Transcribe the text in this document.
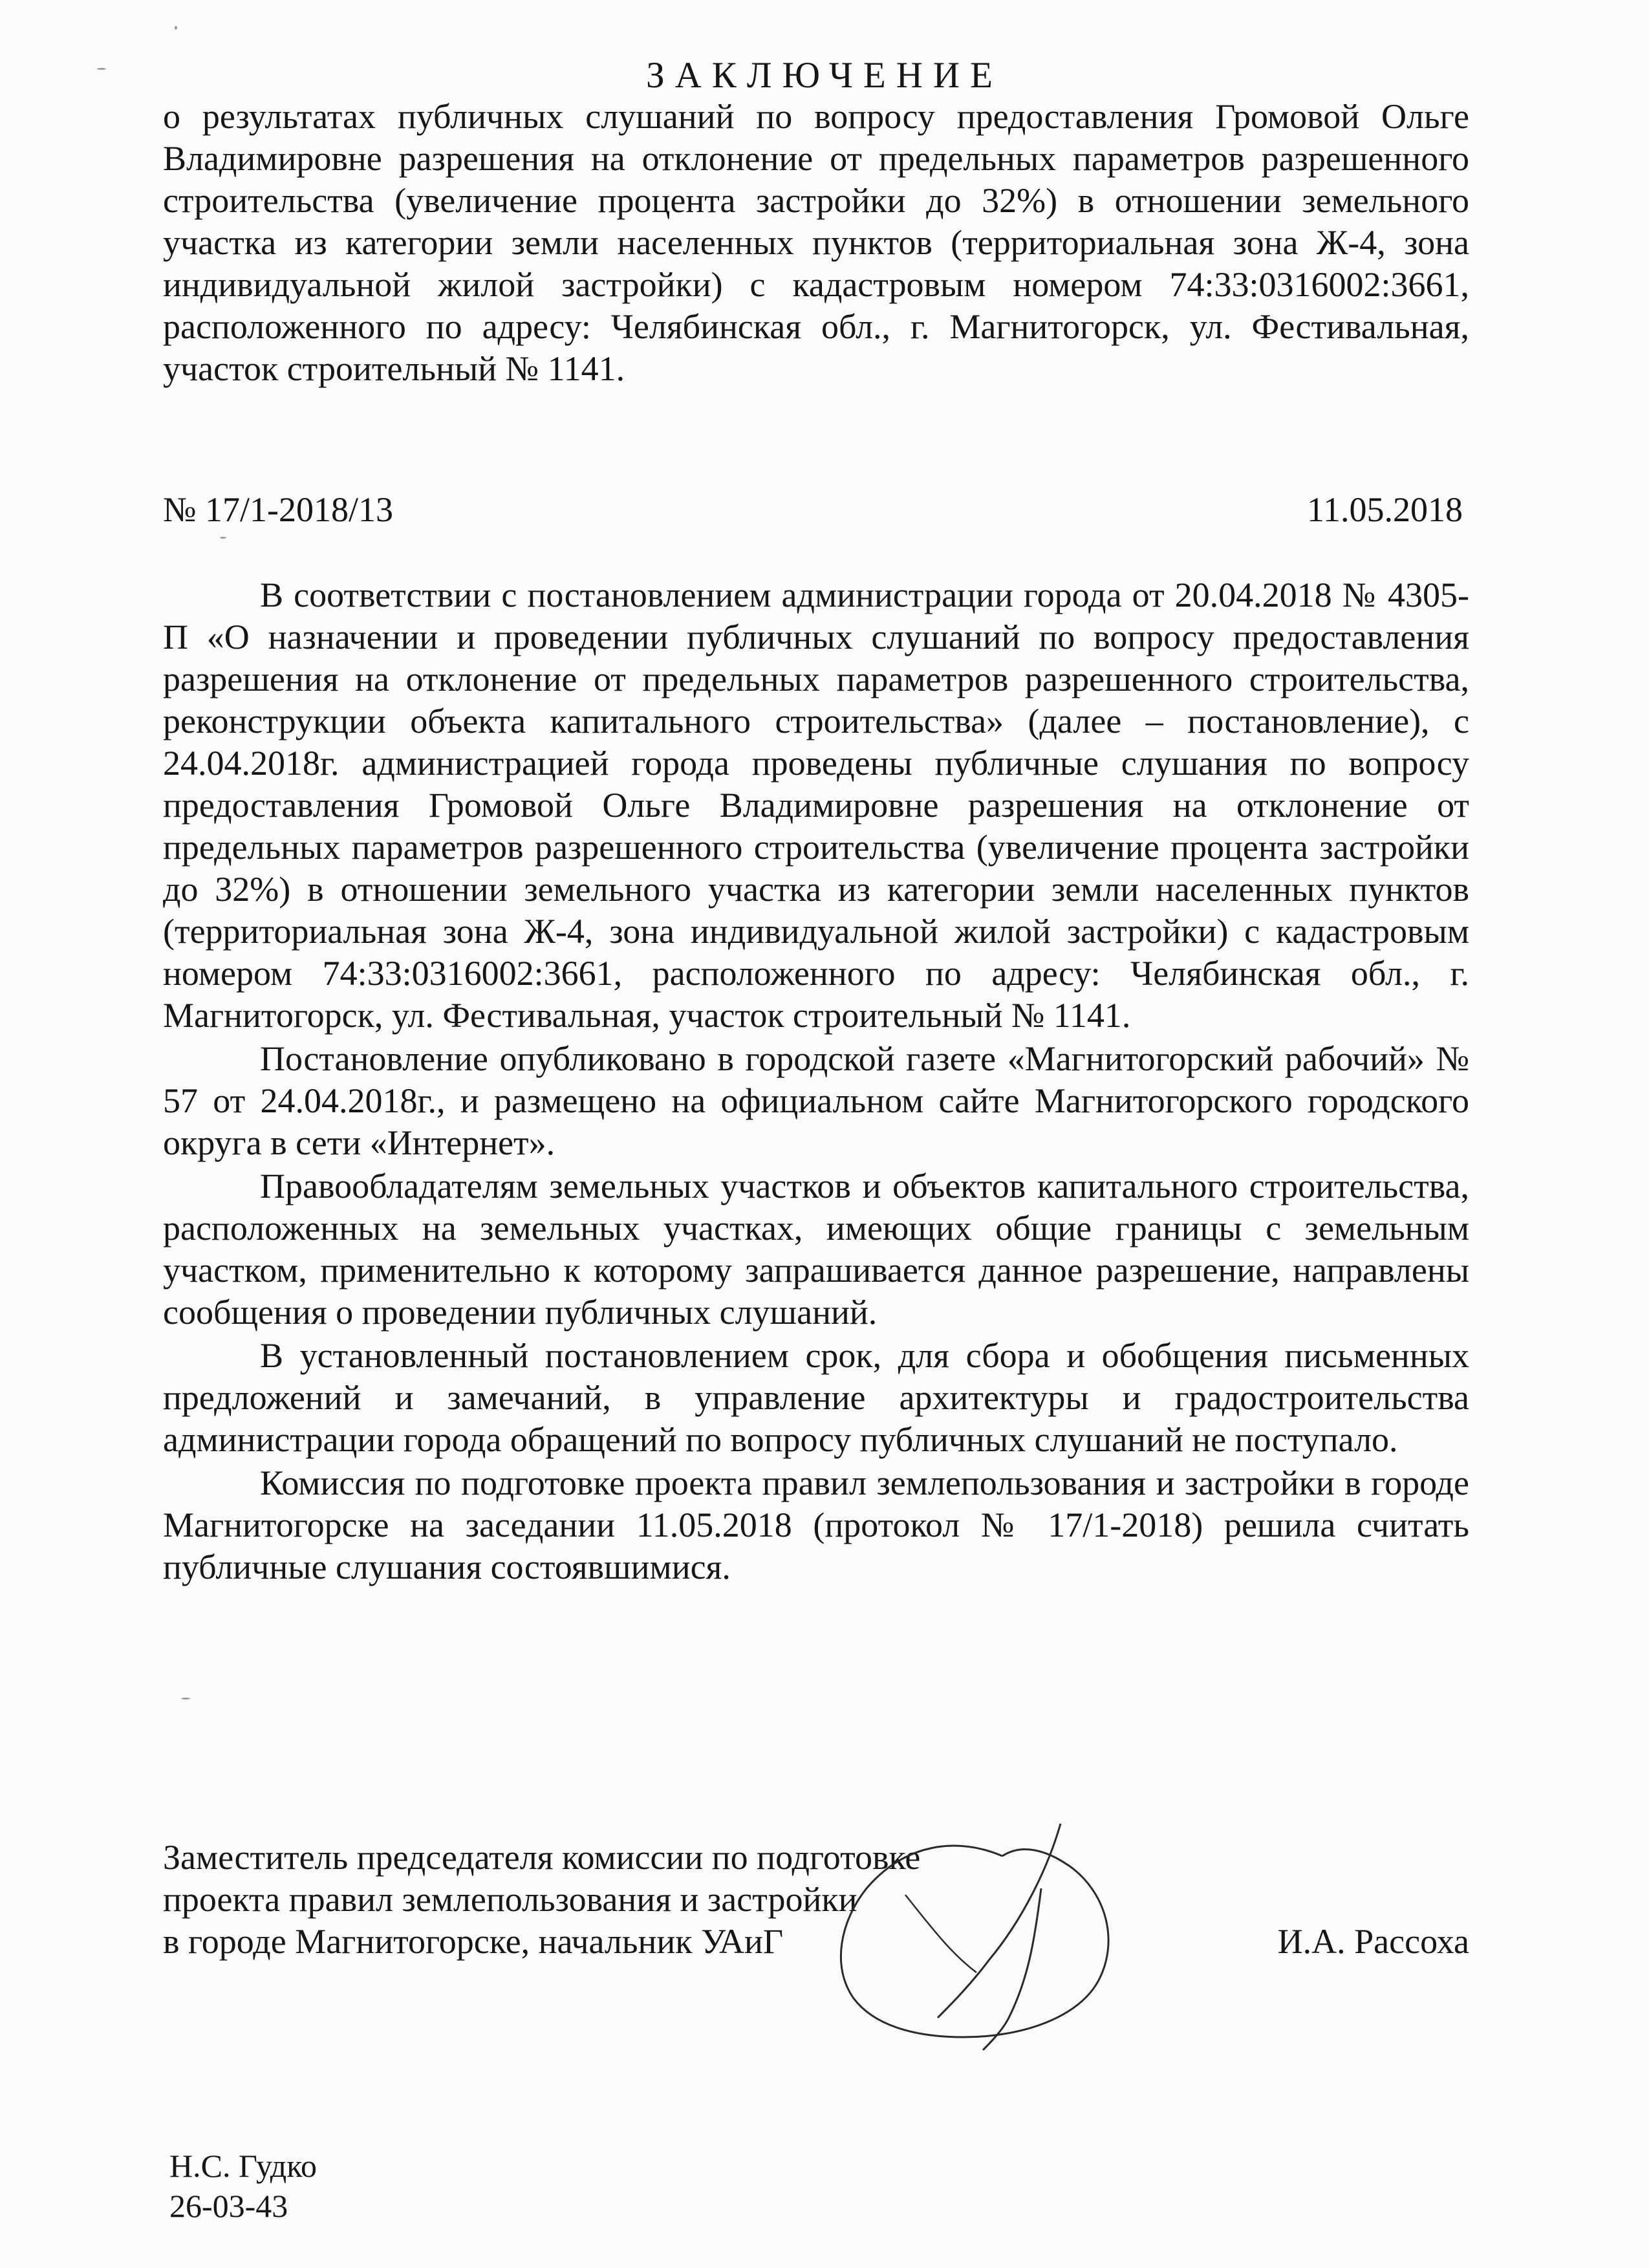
ЗАКЛЮЧЕНИЕ
о результатах публичных слушаний по вопросу предоставления Громовой Ольге Владимировне разрешения на отклонение от предельных параметров разрешенного строительства (увеличение процента застройки до 32%) в отношении земельного участка из категории земли населенных пунктов (территориальная зона Ж-4, зона индивидуальной жилой застройки) с кадастровым номером 74:33:0316002:3661, расположенного по адресу: Челябинская обл., г. Магнитогорск, ул. Фестивальная, участок строительный № 1141.
№ 17/1-2018/13	11.05.2018

В соответствии с постановлением администрации города от 20.04.2018 № 4305-П «О назначении и проведении публичных слушаний по вопросу предоставления разрешения на отклонение от предельных параметров разрешенного строительства, реконструкции объекта капитального строительства» (далее – постановление), с 24.04.2018г. администрацией города проведены публичные слушания по вопросу предоставления Громовой Ольге Владимировне разрешения на отклонение от предельных параметров разрешенного строительства (увеличение процента застройки до 32%) в отношении земельного участка из категории земли населенных пунктов (территориальная зона Ж-4, зона индивидуальной жилой застройки) с кадастровым номером 74:33:0316002:3661, расположенного по адресу: Челябинская обл., г. Магнитогорск, ул. Фестивальная, участок строительный № 1141.

Постановление опубликовано в городской газете «Магнитогорский рабочий» № 57 от 24.04.2018г., и размещено на официальном сайте Магнитогорского городского округа в сети «Интернет».

Правообладателям земельных участков и объектов капитального строительства, расположенных на земельных участках, имеющих общие границы с земельным участком, применительно к которому запрашивается данное разрешение, направлены сообщения о проведении публичных слушаний.

В установленный постановлением срок, для сбора и обобщения письменных предложений и замечаний, в управление архитектуры и градостроительства администрации города обращений по вопросу публичных слушаний не поступало.

Комиссия по подготовке проекта правил землепользования и застройки в городе Магнитогорске на заседании 11.05.2018 (протокол № 17/1-2018) решила считать публичные слушания состоявшимися.

Заместитель председателя комиссии по подготовке
проекта правил землепользования и застройки
в городе Магнитогорске, начальник УАиГ	И.А. Рассоха
Н.С. Гудко
26-03-43
